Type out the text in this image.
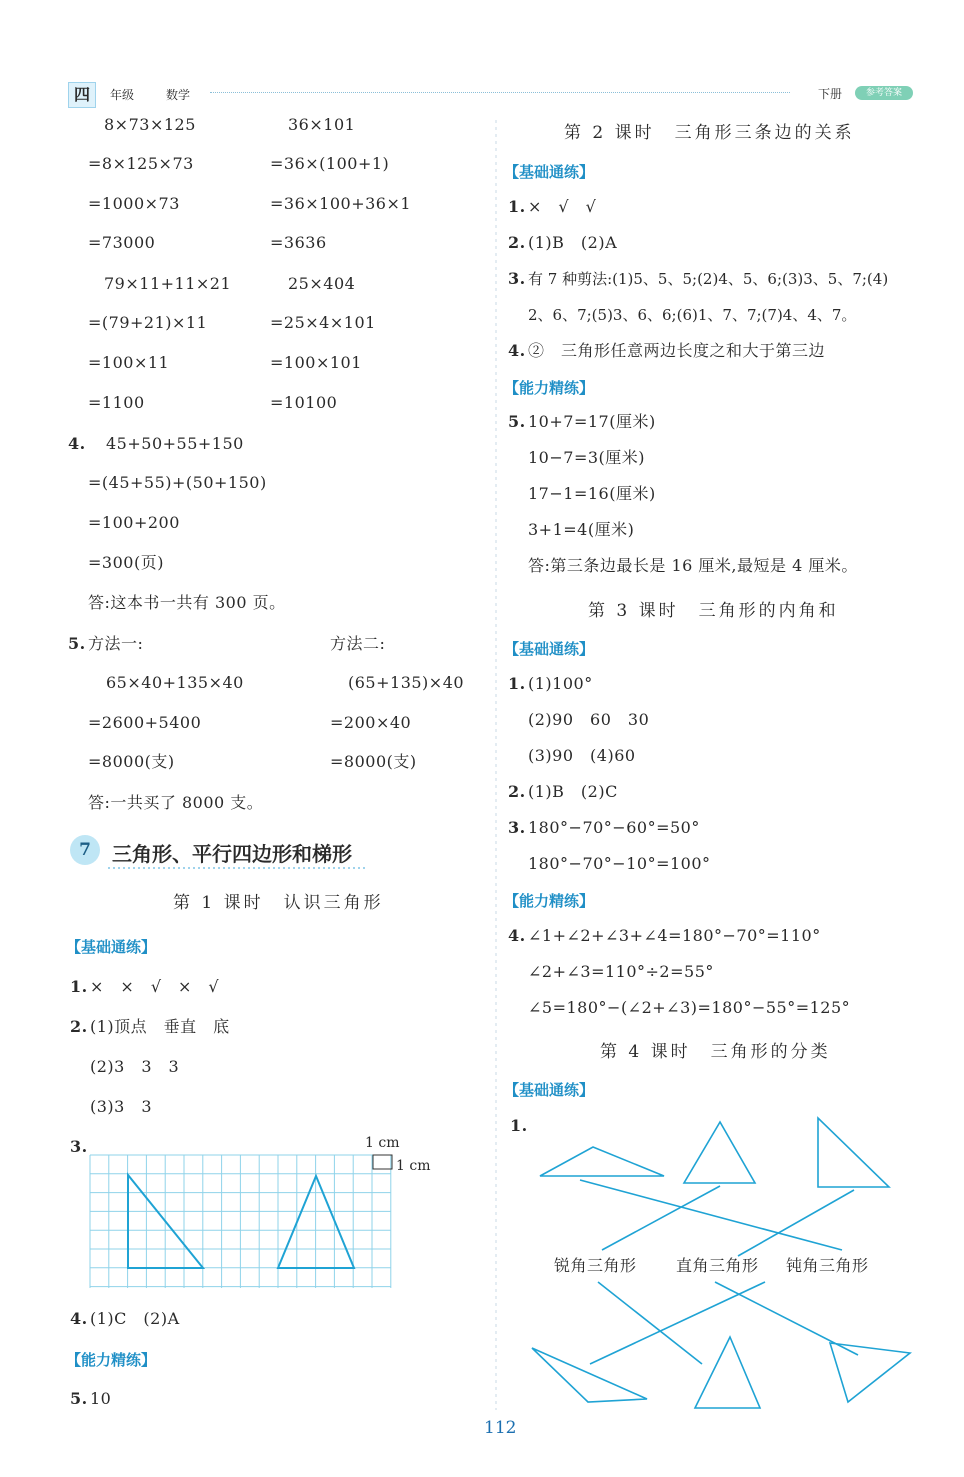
四	年级	数学	下册	参考答案
8×73×125	36×101
=8×125×73	=36×(100+1)
=1000×73	=36×100+36×1
=73000	=3636
79×11+11×21	25×404
=(79+21)×11	=25×4×101
=100×11	=100×101
=1100	=10100
4. 45+50+55+150
=(45+55)+(50+150)
=100+200
=300(页)
答:这本书一共有 300 页。
5. 方法一:	方法二:
65×40+135×40	(65+135)×40
=2600+5400	=200×40
=8000(支)	=8000(支)
答:一共买了 8000 支。
7	三角形、平行四边形和梯形
第 1 课时　认识三角形
【基础通练】
1. ×　×　√　×　√
2. (1)顶点　垂直　底
(2)3　3　3
(3)3　3
3.	1 cm
1 cm
4. (1)C　(2)A
【能力精练】
5. 10
第 2 课时　三角形三条边的关系
【基础通练】
1. ×　√　√
2. (1)B　(2)A
3. 有 7 种剪法:(1)5、5、5;(2)4、5、6;(3)3、5、7;(4)
2、6、7;(5)3、6、6;(6)1、7、7;(7)4、4、7。
4. ②　三角形任意两边长度之和大于第三边
【能力精练】
5. 10+7=17(厘米)
10−7=3(厘米)
17−1=16(厘米)
3+1=4(厘米)
答:第三条边最长是 16 厘米,最短是 4 厘米。
第 3 课时　三角形的内角和
【基础通练】
1. (1)100°
(2)90　60　30
(3)90　(4)60
2. (1)B　(2)C
3. 180°−70°−60°=50°
180°−70°−10°=100°
【能力精练】
4. ∠1+∠2+∠3+∠4=180°−70°=110°
∠2+∠3=110°÷2=55°
∠5=180°−(∠2+∠3)=180°−55°=125°
第 4 课时　三角形的分类
【基础通练】
1.
锐角三角形 直角三角形 钝角三角形
112
